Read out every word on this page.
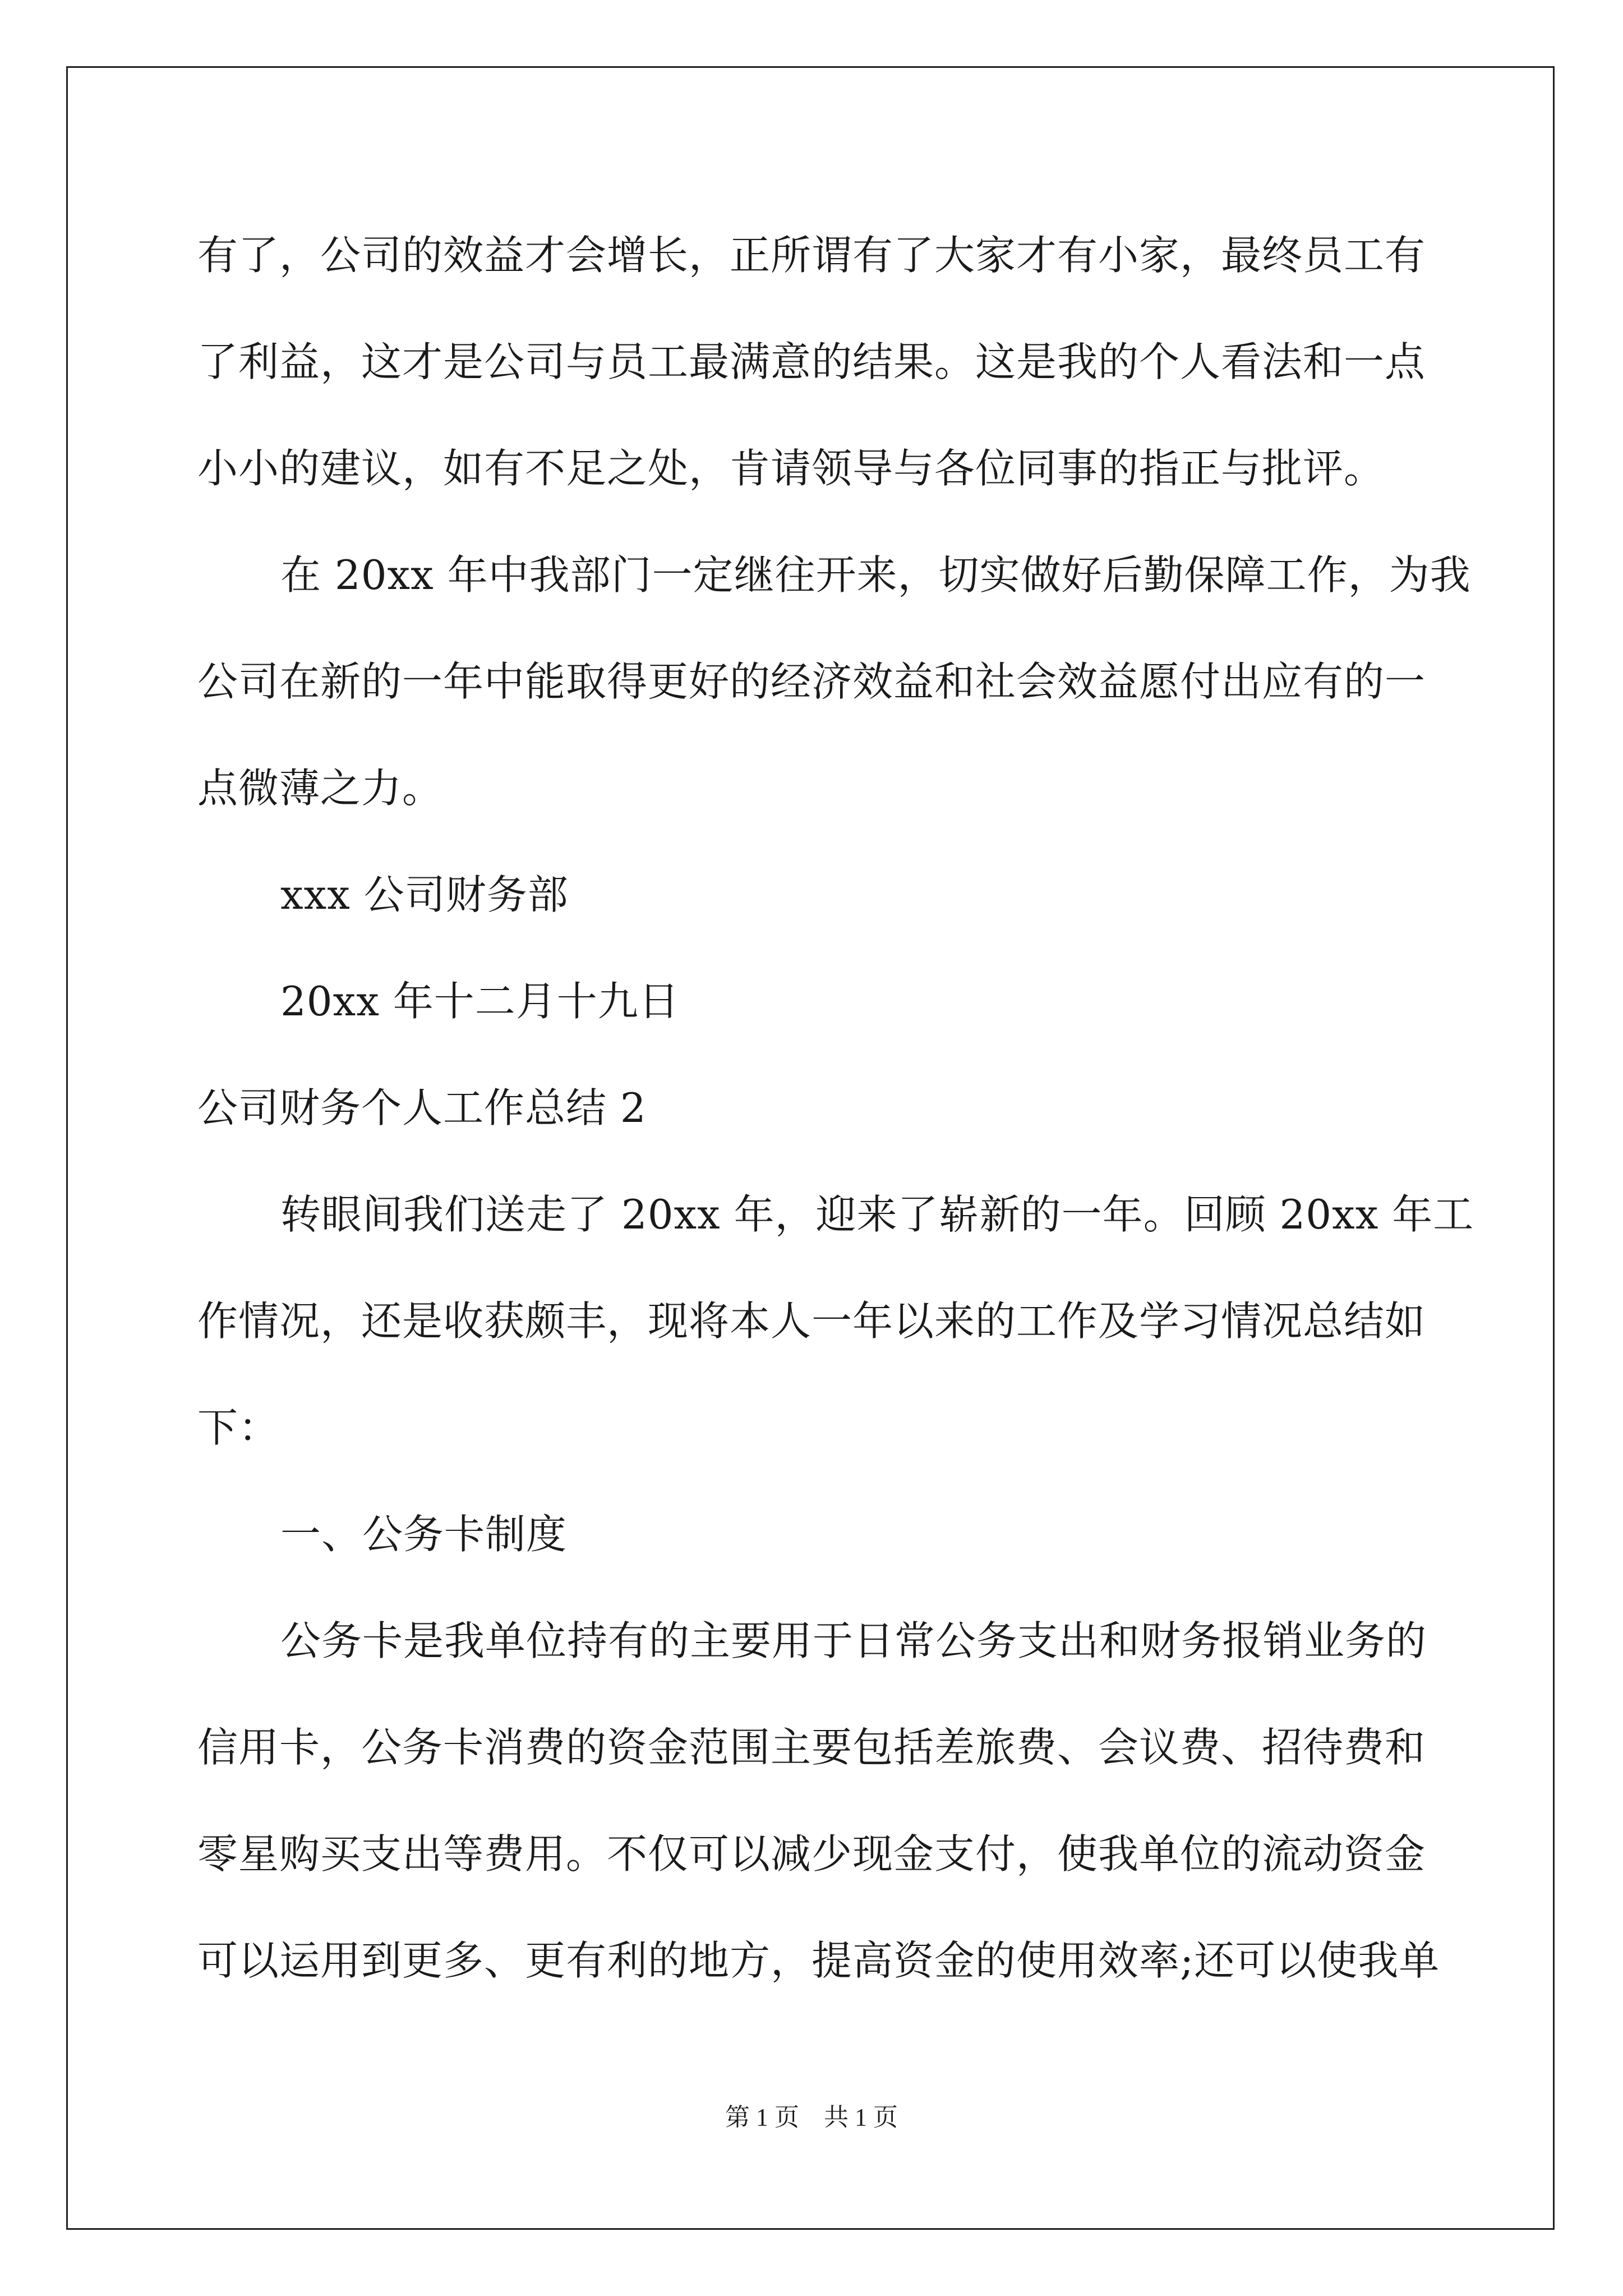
有了，公司的效益才会增长，正所谓有了大家才有小家，最终员工有
了利益，这才是公司与员工最满意的结果。这是我的个人看法和一点
小小的建议，如有不足之处，肯请领导与各位同事的指正与批评。
在 20xx 年中我部门一定继往开来，切实做好后勤保障工作，为我
公司在新的一年中能取得更好的经济效益和社会效益愿付出应有的一
点微薄之力。
xxx 公司财务部
20xx 年十二月十九日
公司财务个人工作总结 2
转眼间我们送走了 20xx 年，迎来了崭新的一年。回顾 20xx 年工
作情况，还是收获颇丰，现将本人一年以来的工作及学习情况总结如
下：
一、公务卡制度
公务卡是我单位持有的主要用于日常公务支出和财务报销业务的
信用卡，公务卡消费的资金范围主要包括差旅费、会议费、招待费和
零星购买支出等费用。不仅可以减少现金支付，使我单位的流动资金
可以运用到更多、更有利的地方，提高资金的使用效率;还可以使我单
第 1 页　共 1 页
